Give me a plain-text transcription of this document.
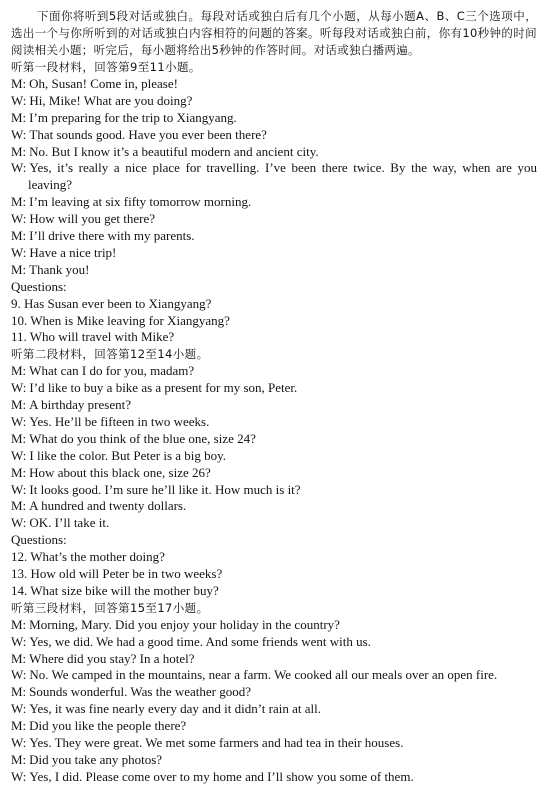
下面你将听到5段对话或独白。每段对话或独白后有几个小题，从每小题A、B、C三个选项中，选出一个与你所听到的对话或独白内容相符的问题的答案。听每段对话或独白前，你有10秒钟的时间阅读相关小题；听完后，每小题将给出5秒钟的作答时间。对话或独白播两遍。

听第一段材料，回答第9至11小题。
M: Oh, Susan! Come in, please!
W: Hi, Mike! What are you doing?
M: I’m preparing for the trip to Xiangyang.
W: That sounds good. Have you ever been there?
M: No. But I know it’s a beautiful modern and ancient city.
W: Yes, it’s really a nice place for travelling. I’ve been there twice. By the way, when are you leaving?
M: I’m leaving at six fifty tomorrow morning.
W: How will you get there?
M: I’ll drive there with my parents.
W: Have a nice trip!
M: Thank you!
Questions:
9. Has Susan ever been to Xiangyang?
10. When is Mike leaving for Xiangyang?
11. Who will travel with Mike?
听第二段材料，回答第12至14小题。
M: What can I do for you, madam?
W: I’d like to buy a bike as a present for my son, Peter.
M: A birthday present?
W: Yes. He’ll be fifteen in two weeks.
M: What do you think of the blue one, size 24?
W: I like the color. But Peter is a big boy.
M: How about this black one, size 26?
W: It looks good. I’m sure he’ll like it. How much is it?
M: A hundred and twenty dollars.
W: OK. I’ll take it.
Questions:
12. What’s the mother doing?
13. How old will Peter be in two weeks?
14. What size bike will the mother buy?
听第三段材料，回答第15至17小题。
M: Morning, Mary. Did you enjoy your holiday in the country?
W: Yes, we did. We had a good time. And some friends went with us.
M: Where did you stay? In a hotel?
W: No. We camped in the mountains, near a farm. We cooked all our meals over an open fire.
M: Sounds wonderful. Was the weather good?
W: Yes, it was fine nearly every day and it didn’t rain at all.
M: Did you like the people there?
W: Yes. They were great. We met some farmers and had tea in their houses.
M: Did you take any photos?
W: Yes, I did. Please come over to my home and I’ll show you some of them.
